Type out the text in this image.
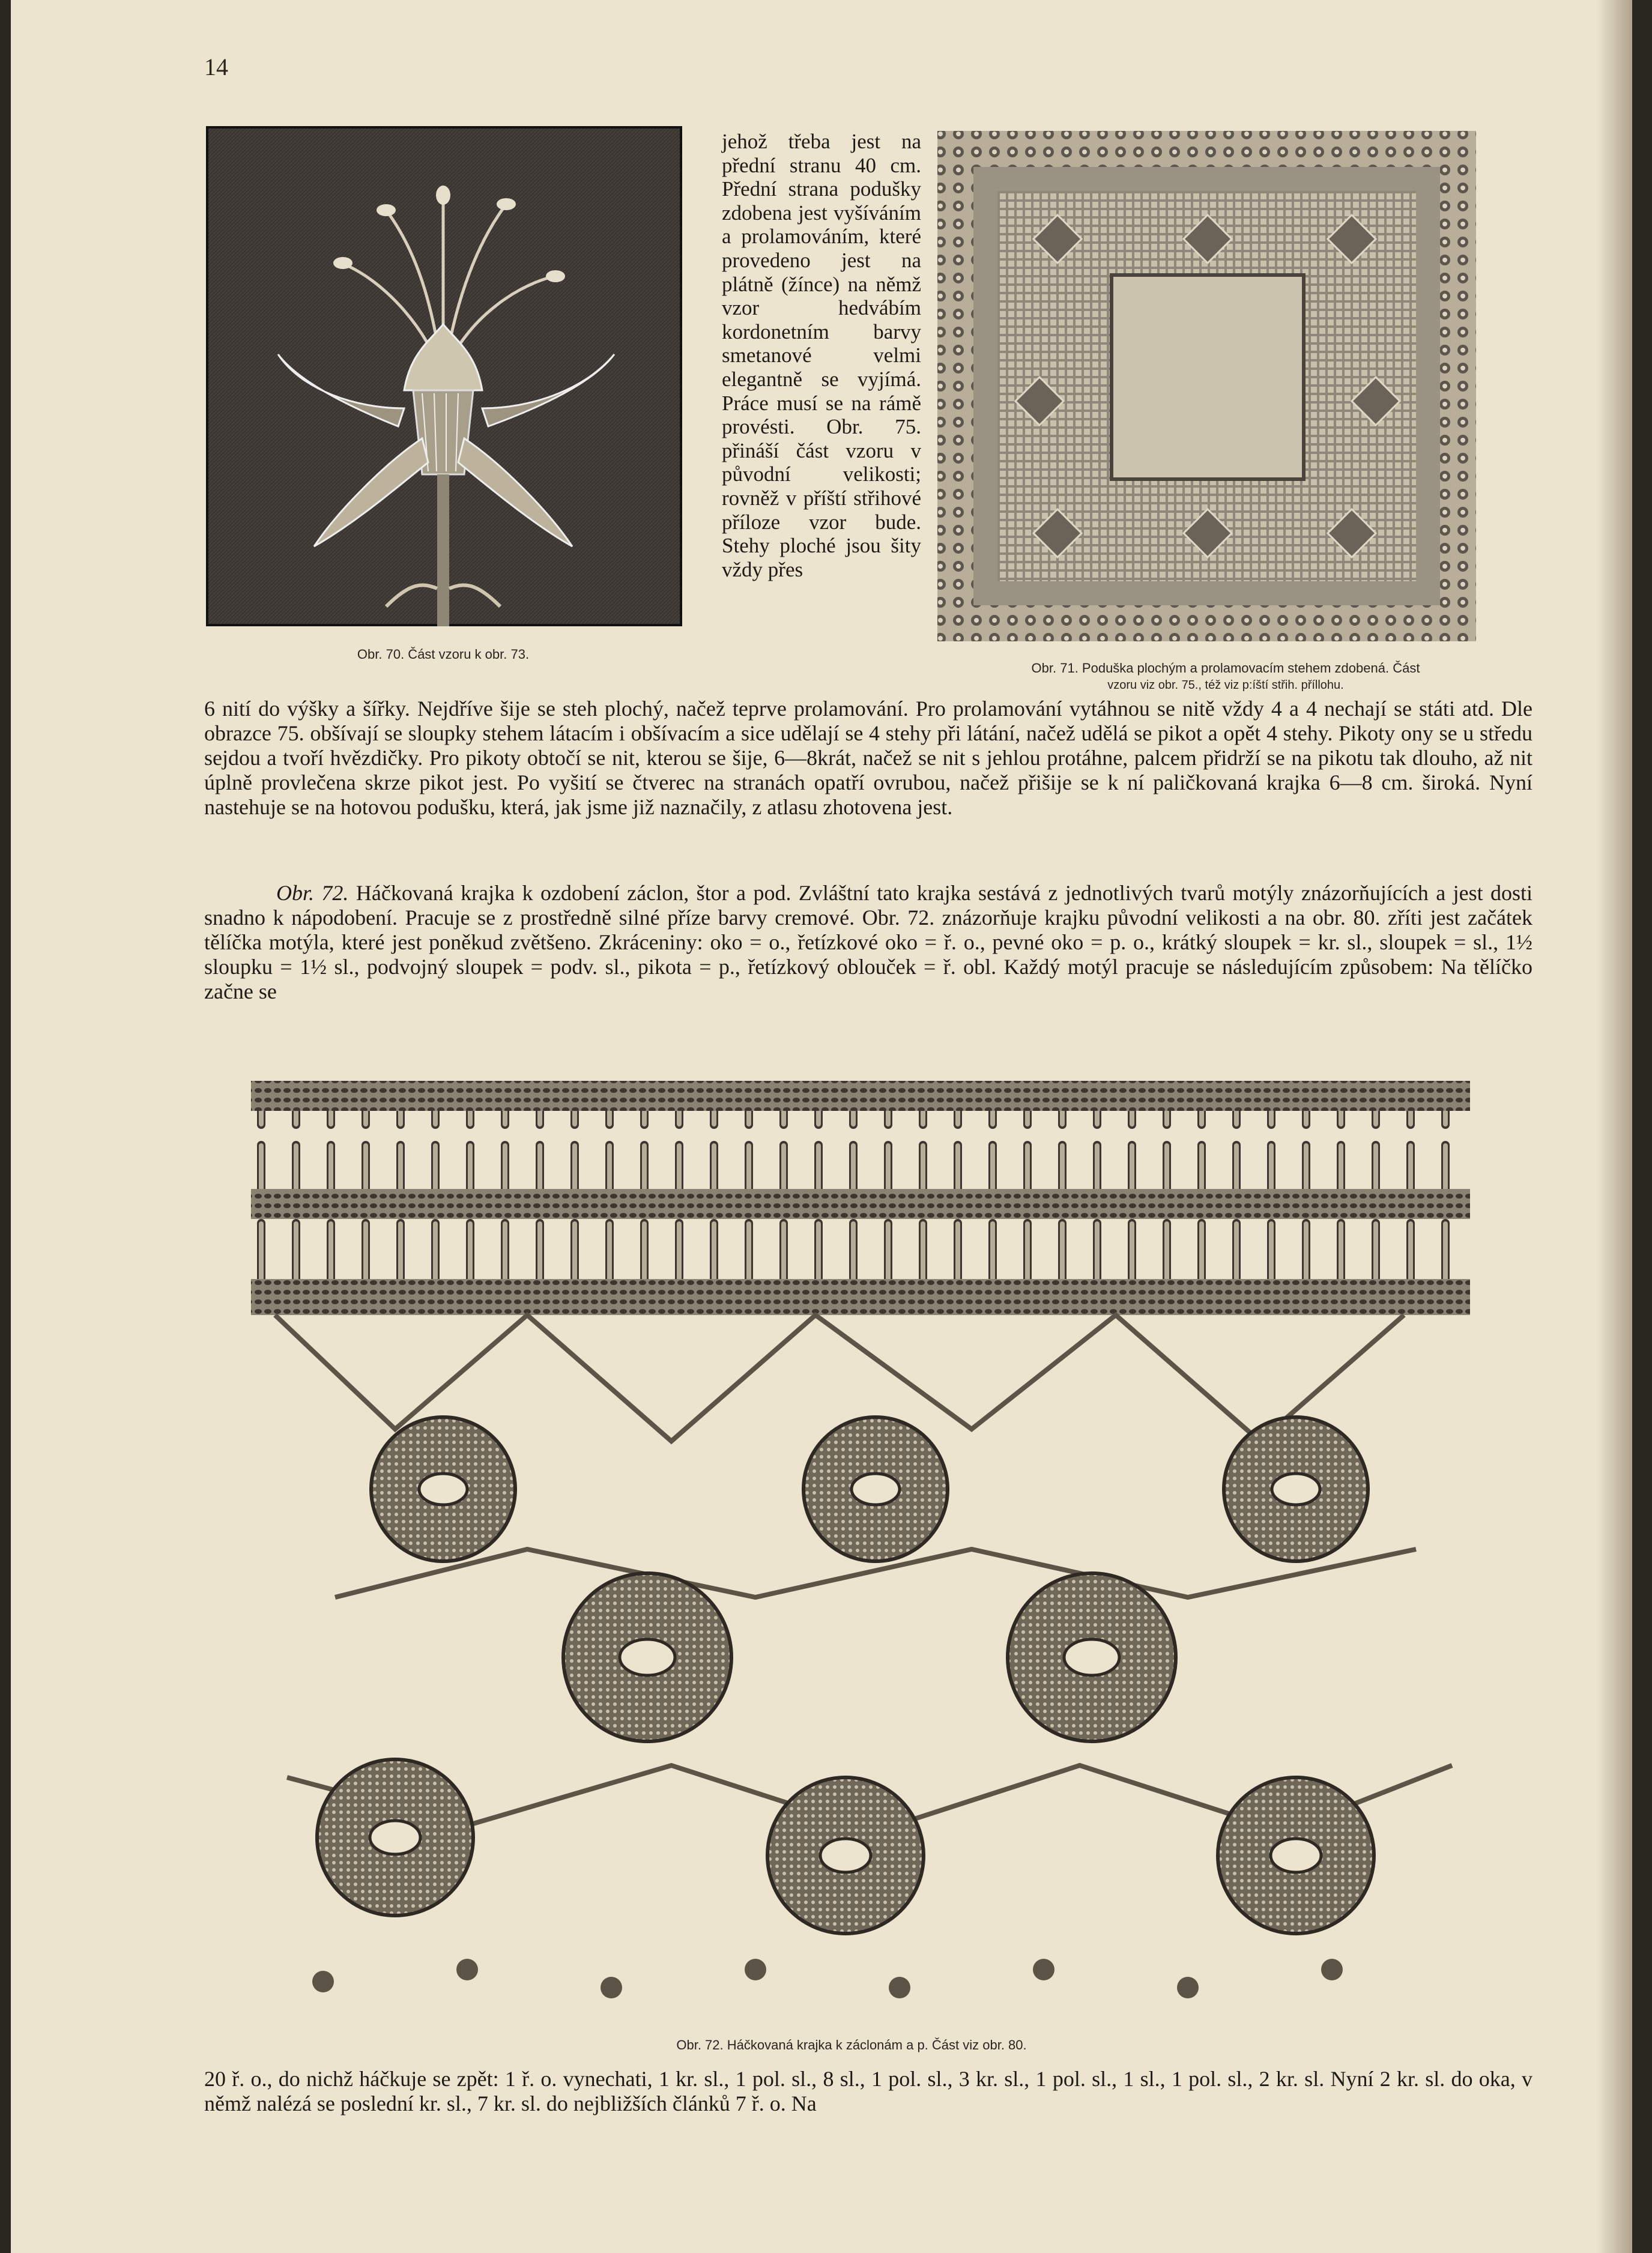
14
Obr. 70. Část vzoru k obr. 73.
Obr. 71. Poduška plochým a prolamovacím stehem zdobená. Část
vzoru viz obr. 75., též viz p:íští střih. příllohu.

jehož třeba jest na přední stranu 40 cm. Přední strana podušky zdobena jest vyšíváním a prolamováním, které provedeno jest na plátně (žínce) na němž vzor hedvábím kordonetním barvy smetanové velmi elegantně se vyjímá. Práce musí se na rámě provésti. Obr. 75. přináší část vzoru v původní velikosti; rovněž v příští střihové příloze vzor bude. Stehy ploché jsou šity vždy přes

6 nití do výšky a šířky. Nejdříve šije se steh plochý, načež teprve prolamování. Pro prolamování vytáhnou se nitě vždy 4 a 4 nechají se státi atd. Dle obrazce 75. obšívají se sloupky stehem látacím i obšívacím a sice udělají se 4 stehy při látání, načež udělá se pikot a opět 4 stehy. Pikoty ony se u středu sejdou a tvoří hvězdičky. Pro pikoty obtočí se nit, kterou se šije, 6—8krát, načež se nit s jehlou protáhne, palcem přidrží se na pikotu tak dlouho, až nit úplně provlečena skrze pikot jest. Po vyšití se čtverec na stranách opatří ovrubou, načež přišije se k ní paličkovaná krajka 6—8 cm. široká. Nyní nastehuje se na hotovou podušku, která, jak jsme již naznačily, z atlasu zhotovena jest.

Obr. 72. Háčkovaná krajka k ozdobení záclon, štor a pod. Zvláštní tato krajka sestává z jednotlivých tvarů motýly znázorňujících a jest dosti snadno k nápodobení. Pracuje se z prostředně silné příze barvy cremové. Obr. 72. znázorňuje krajku původní velikosti a na obr. 80. zříti jest začátek tělíčka motýla, které jest poněkud zvětšeno. Zkráceniny: oko = o., řetízkové oko = ř. o., pevné oko = p. o., krátký sloupek = kr. sl., sloupek = sl., 1½ sloupku = 1½ sl., podvojný sloupek = podv. sl., pikota = p., řetízkový oblouček = ř. obl. Každý motýl pracuje se následujícím způsobem: Na tělíčko začne se

Obr. 72. Háčkovaná krajka k záclonám a p. Část viz obr. 80.

20 ř. o., do nichž háčkuje se zpět: 1 ř. o. vynechati, 1 kr. sl., 1 pol. sl., 8 sl., 1 pol. sl., 3 kr. sl., 1 pol. sl., 1 sl., 1 pol. sl., 2 kr. sl. Nyní 2 kr. sl. do oka, v němž nalézá se poslední kr. sl., 7 kr. sl. do nejbližších článků 7 ř. o. Na
